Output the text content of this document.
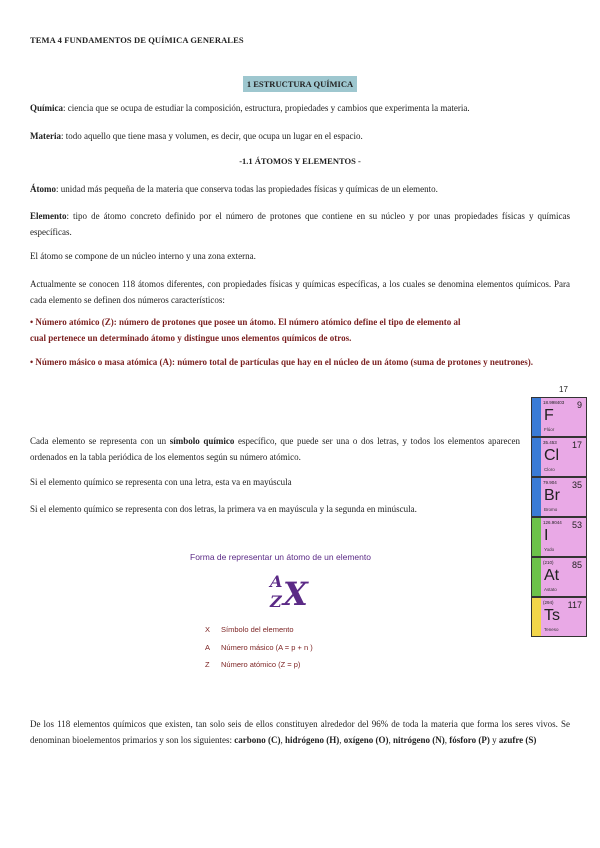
TEMA 4 FUNDAMENTOS DE QUÍMICA GENERALES
1 ESTRUCTURA QUÍMICA
Química: ciencia que se ocupa de estudiar la composición, estructura, propiedades y cambios que experimenta la materia.
Materia: todo aquello que tiene masa y volumen, es decir, que ocupa un lugar en el espacio.
-1.1 ÁTOMOS Y ELEMENTOS -
Átomo: unidad más pequeña de la materia que conserva todas las propiedades físicas y químicas de un elemento.
Elemento: tipo de átomo concreto definido por el número de protones que contiene en su núcleo y por unas propiedades físicas y químicas específicas.
El átomo se compone de un núcleo interno y una zona externa.
Actualmente se conocen 118 átomos diferentes, con propiedades físicas y químicas específicas, a los cuales se denomina elementos químicos. Para cada elemento se definen dos números característicos:
• Número atómico (Z): número de protones que posee un átomo. El número atómico define el tipo de elemento al
cual pertenece un determinado átomo y distingue unos elementos químicos de otros.
• Número másico o masa atómica (A): número total de partículas que hay en el núcleo de un átomo (suma de protones y neutrones).
Cada elemento se representa con un símbolo químico específico, que puede ser una o dos letras, y todos los elementos aparecen ordenados en la tabla periódica de los elementos según su número atómico.
Si el elemento químico se representa con una letra, esta va en mayúscula
Si el elemento químico se representa con dos letras, la primera va en mayúscula y la segunda en minúscula.
Forma de representar un átomo de un elemento
A
Z X
X Símbolo del elemento
A Número másico (A = p + n )
Z Número atómico (Z = p)
17
18.998403 9
F
Flúor
35.453 17
Cl
Cloro
79.904 35
Br
Bromo
126.9044 53
I
Yodo
(210) 85
At
Astato
(294) 117
Ts
Teneso
De los 118 elementos químicos que existen, tan solo seis de ellos constituyen alrededor del 96% de toda la materia que forma los seres vivos. Se denominan bioelementos primarios y son los siguientes: carbono (C), hidrógeno (H), oxígeno (O), nitrógeno (N), fósforo (P) y azufre (S)
